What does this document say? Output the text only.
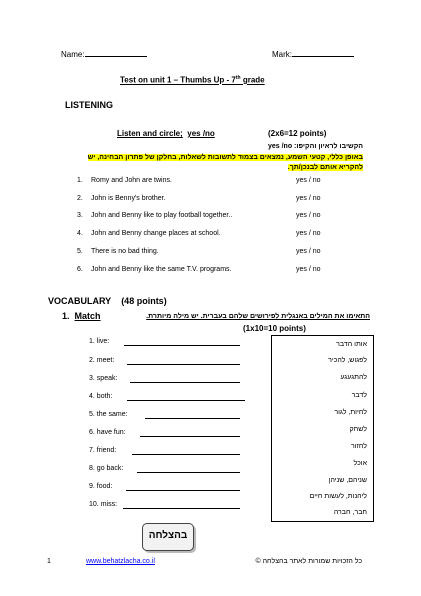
Name:	Mark:
Test on unit 1 – Thumbs Up - 7th grade
LISTENING
Listen and circle; yes /no	(2x6=12 points)
הקשיבו לראיון והקיפו: yes /no
באופן כללי, קטעי השמע, נמצאים בצמוד לתשובות לשאלות, בחלקן של פתרון הבחינה, יש
להקריא אותם לבנכן/תך.
1. Romy and John are twins.	yes / no
2. John is Benny's brother.	yes / no
3. John and Benny like to play football together..	yes / no
4. John and Benny change places at school.	yes / no
5. There is no bad thing.	yes / no
6. John and Benny like the same T.V. programs.	yes / no
VOCABULARY (48 points)
1. Match	התאימו את המילים באנגלית לפירושים שלהם בעברית. יש מילה מיותרת.
(1x10=10 points)
1. live:
2. meet:
3. speak:
4. both:
5. the same:
6. have fun:
7. friend:
8. go back:
9. food:
10. miss:
אותו הדבר
לפגוש, להכיר
להתגעגע
לדבר
לחיות, לגור
לשחק
לחזור
אוכל
שניהם, שניהן
ליהנות, לעשות חיים
חבר, חברה
בהצלחה
1	www.behatzlacha.co.il	כל הזכויות שמורות לאתר בהצלחה ©
